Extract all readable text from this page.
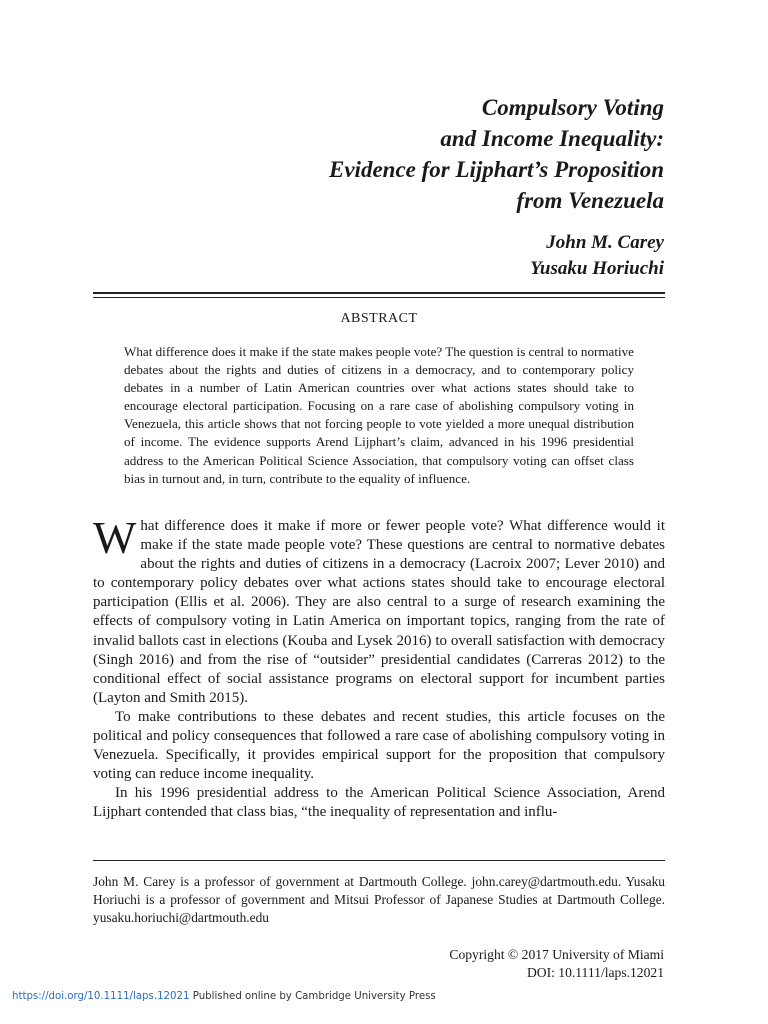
Compulsory Voting
and Income Inequality:
Evidence for Lijphart’s Proposition
from Venezuela
John M. Carey
Yusaku Horiuchi
ABSTRACT
What difference does it make if the state makes people vote? The question is central to normative debates about the rights and duties of citizens in a democracy, and to contemporary policy debates in a number of Latin American countries over what actions states should take to encourage electoral participation. Focusing on a rare case of abolishing compulsory voting in Venezuela, this article shows that not forcing people to vote yielded a more unequal distribution of income. The evidence supports Arend Lijphart’s claim, advanced in his 1996 presidential address to the American Political Science Association, that compulsory voting can offset class bias in turnout and, in turn, contribute to the equality of influence.

What difference does it make if more or fewer people vote? What difference would it make if the state made people vote? These questions are central to normative debates about the rights and duties of citizens in a democracy (Lacroix 2007; Lever 2010) and to contemporary policy debates over what actions states should take to encourage electoral participation (Ellis et al. 2006). They are also central to a surge of research examining the effects of compulsory voting in Latin America on important topics, ranging from the rate of invalid ballots cast in elections (Kouba and Lysek 2016) to overall satisfaction with democracy (Singh 2016) and from the rise of “outsider” presidential candidates (Carreras 2012) to the conditional effect of social assistance programs on electoral support for incumbent parties (Layton and Smith 2015).

To make contributions to these debates and recent studies, this article focuses on the political and policy consequences that followed a rare case of abolishing compulsory voting in Venezuela. Specifically, it provides empirical support for the proposition that compulsory voting can reduce income inequality.

In his 1996 presidential address to the American Political Science Association, Arend Lijphart contended that class bias, “the inequality of representation and influ-

John M. Carey is a professor of government at Dartmouth College. john.carey@dartmouth.edu. Yusaku Horiuchi is a professor of government and Mitsui Professor of Japanese Studies at Dartmouth College. yusaku.horiuchi@dartmouth.edu
Copyright © 2017 University of Miami
DOI: 10.1111/laps.12021
https://doi.org/10.1111/laps.12021 Published online by Cambridge University Press
